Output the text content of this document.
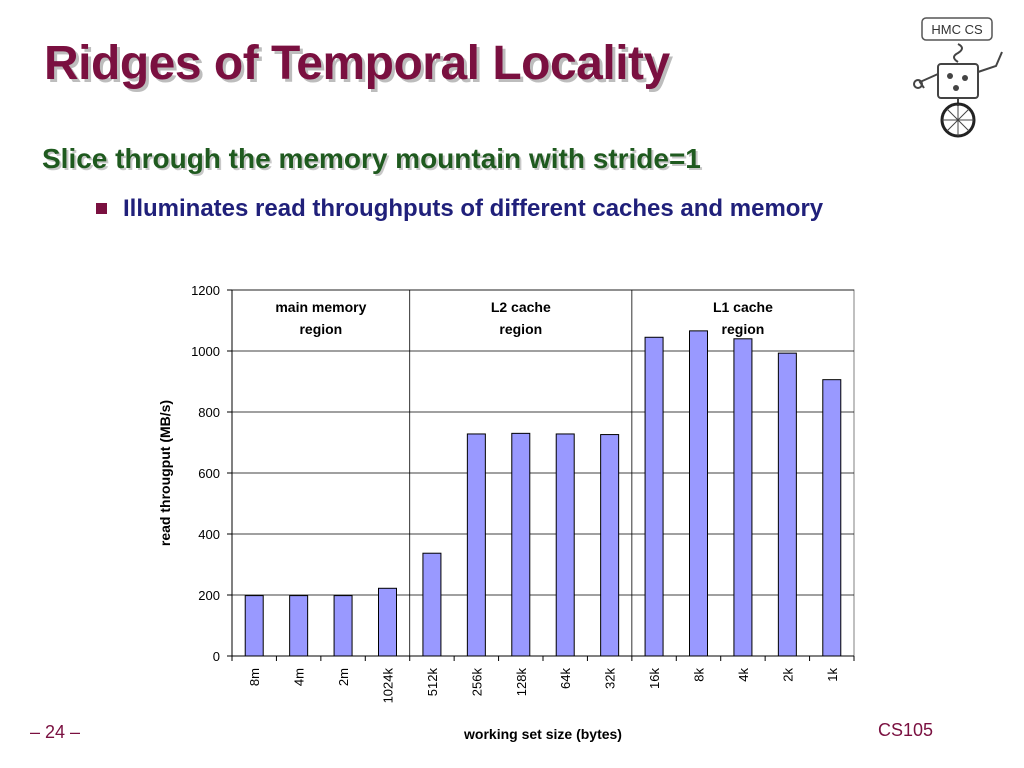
Ridges of Temporal Locality
Slice through the memory mountain with stride=1
Illuminates read throughputs of different caches and memory
HMC CS
0
200
400
600
800
1000
1200
main memory
region
L2 cache
region
L1 cache
region
8m 4m 2m 1024k 512k 256k 128k 64k 32k 16k 8k 4k 2k 1k
working set size (bytes)
read througput (MB/s)
– 24 –	CS105
